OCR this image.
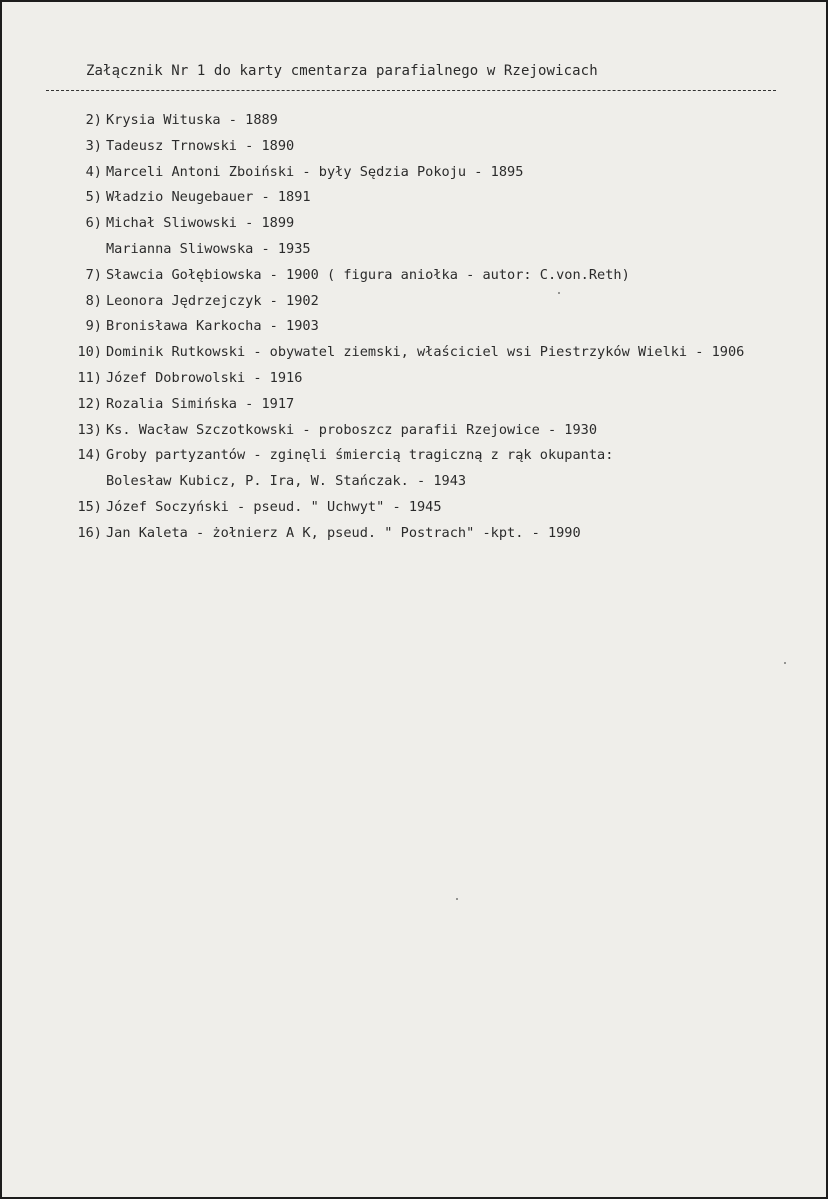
Załącznik Nr 1 do karty cmentarza parafialnego w Rzejowicach
2) Krysia Wituska - 1889
3) Tadeusz Trnowski - 1890
4) Marceli Antoni Zboiński - były Sędzia Pokoju - 1895
5) Władzio Neugebauer - 1891
6) Michał Sliwowski - 1899
Marianna Sliwowska - 1935
7) Sławcia Gołębiowska - 1900 ( figura aniołka - autor: C.von.Reth)
8) Leonora Jędrzejczyk - 1902
9) Bronisława Karkocha - 1903
10) Dominik Rutkowski - obywatel ziemski, właściciel wsi Piestrzyków Wielki - 1906
11) Józef Dobrowolski - 1916
12) Rozalia Simińska - 1917
13) Ks. Wacław Szczotkowski - proboszcz parafii Rzejowice - 1930
14) Groby partyzantów - zginęli śmiercią tragiczną z rąk okupanta:
Bolesław Kubicz, P. Ira, W. Stańczak. - 1943
15) Józef Soczyński - pseud. " Uchwyt" - 1945
16) Jan Kaleta - żołnierz A K, pseud. " Postrach" -kpt. - 1990
